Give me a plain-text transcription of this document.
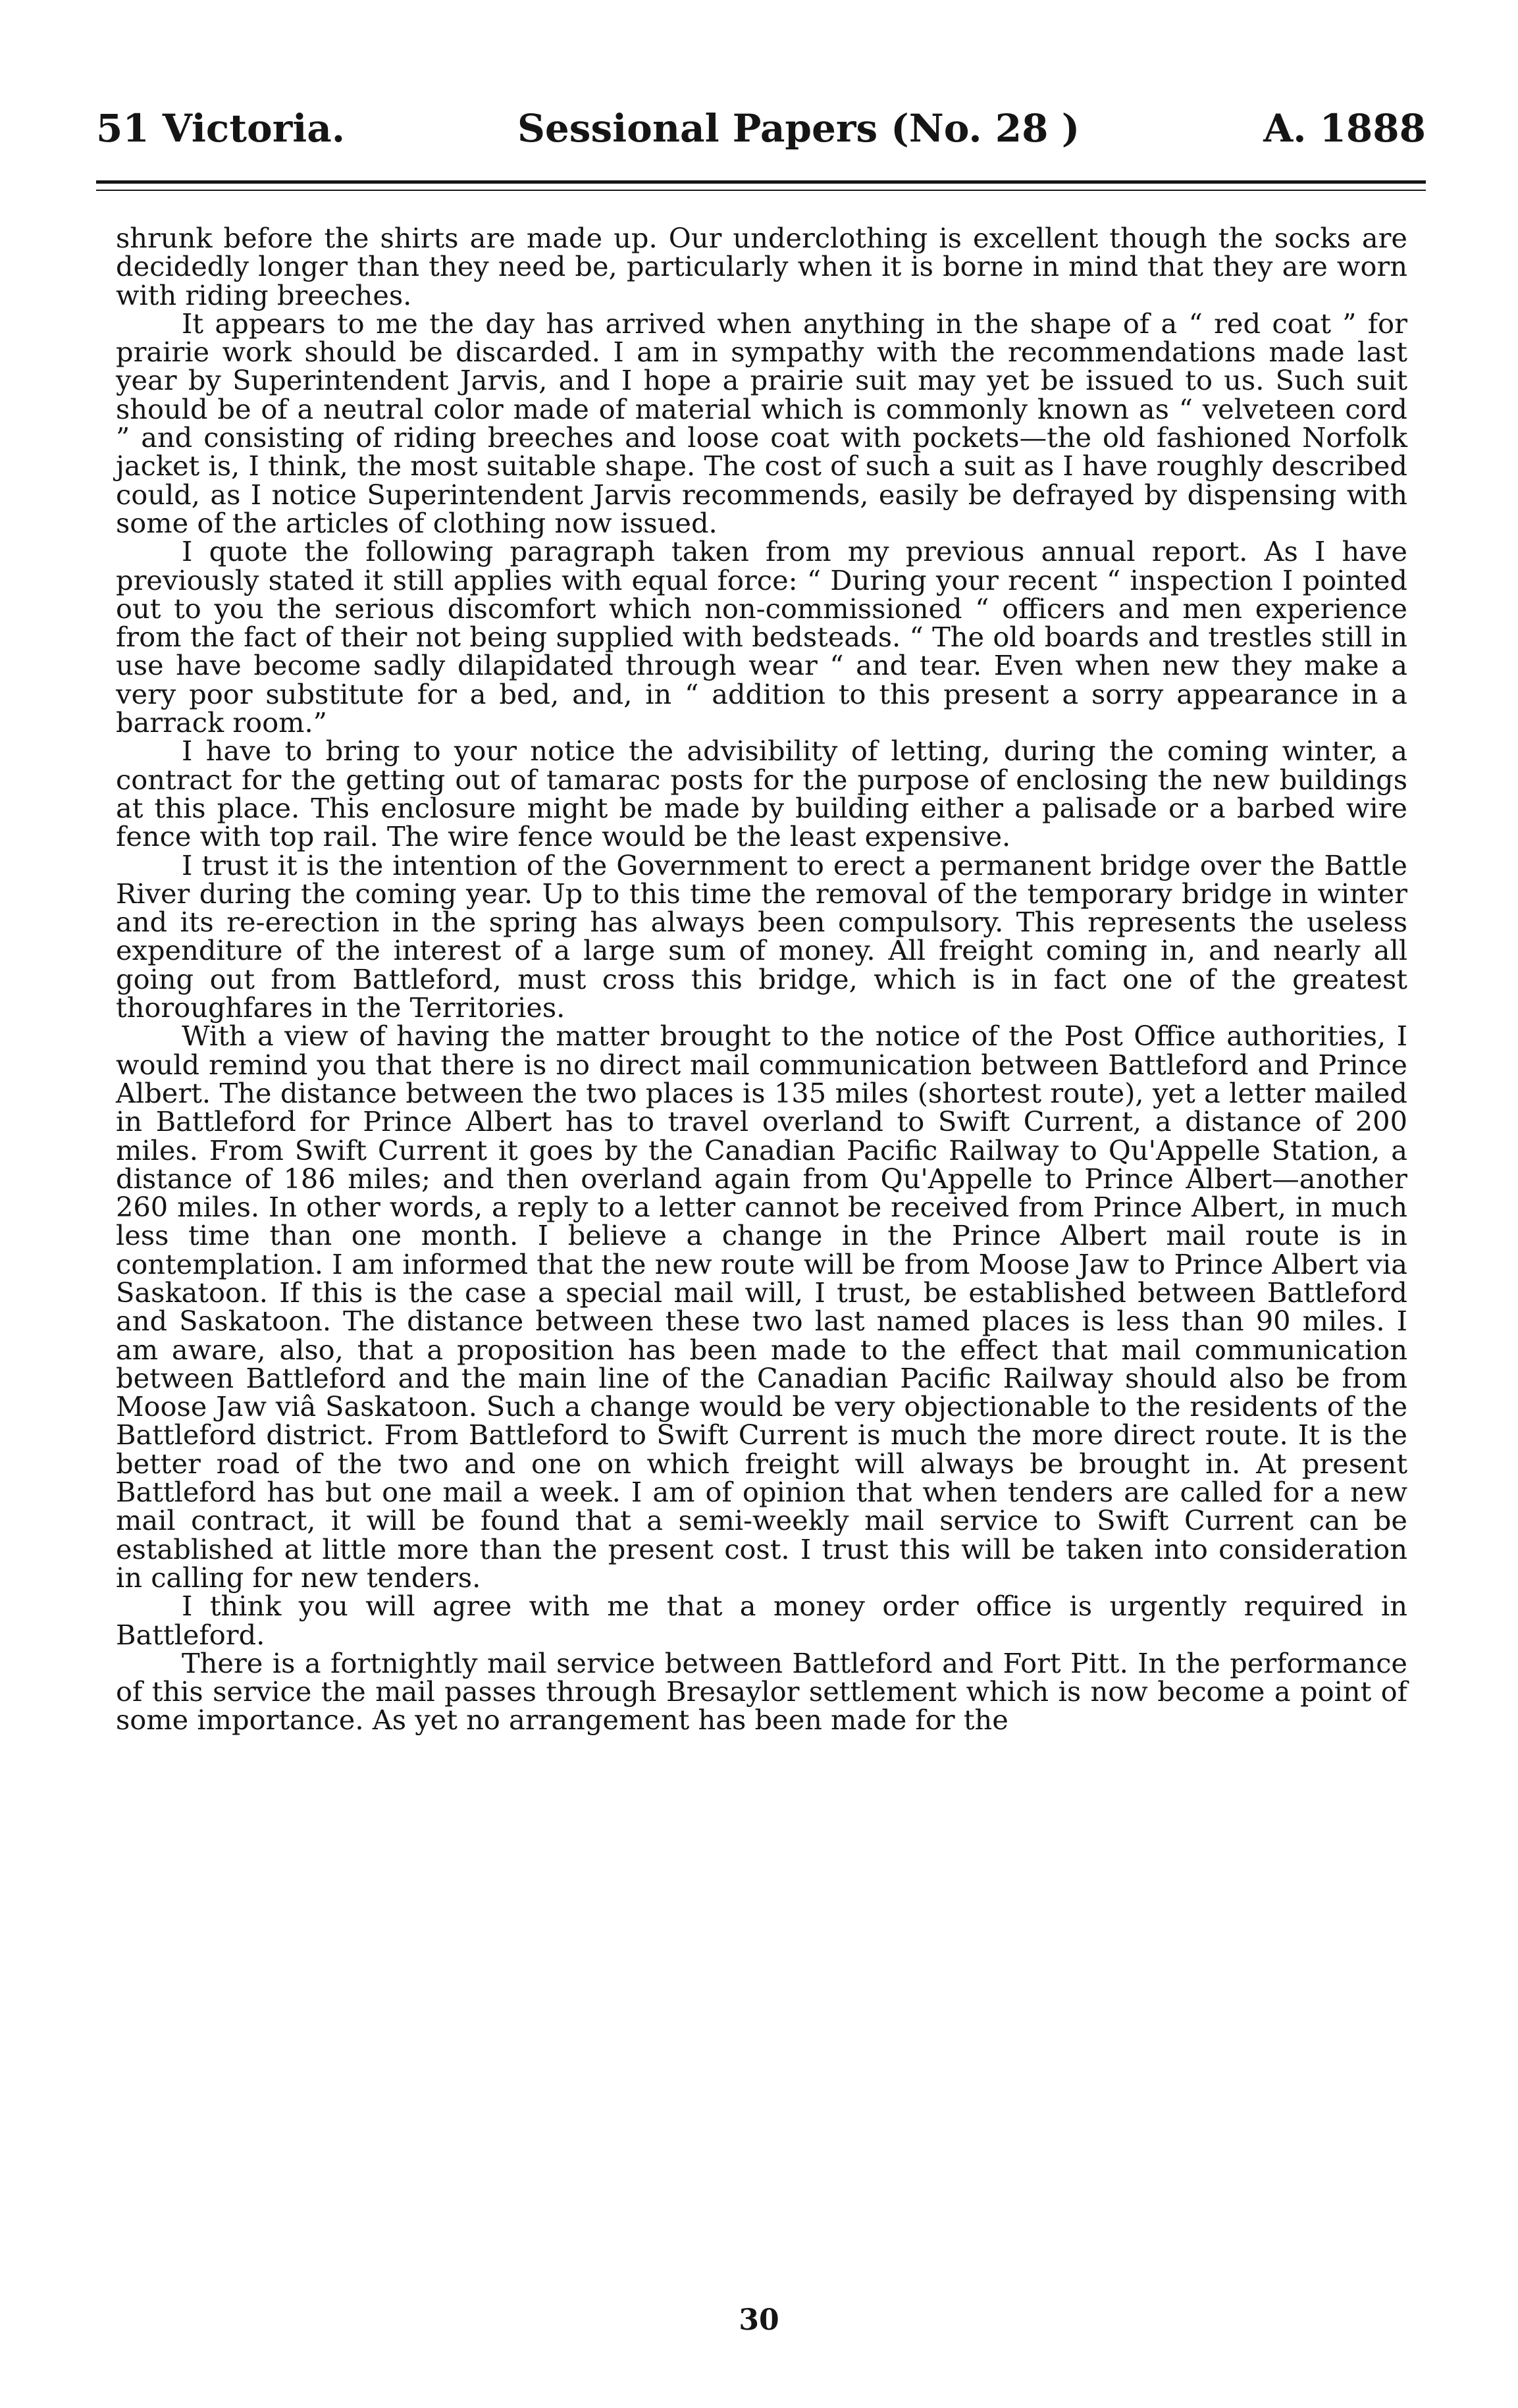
51 Victoria.	Sessional Papers (No. 28 )	A. 1888

shrunk before the shirts are made up. Our underclothing is excellent though the socks are decidedly longer than they need be, particularly when it is borne in mind that they are worn with riding breeches.

It appears to me the day has arrived when anything in the shape of a “ red coat ” for prairie work should be discarded. I am in sympathy with the recommendations made last year by Superintendent Jarvis, and I hope a prairie suit may yet be issued to us. Such suit should be of a neutral color made of material which is commonly known as “ velveteen cord ” and consisting of riding breeches and loose coat with pockets—the old fashioned Norfolk jacket is, I think, the most suitable shape. The cost of such a suit as I have roughly described could, as I notice Superintendent Jarvis recommends, easily be defrayed by dispensing with some of the articles of clothing now issued.

I quote the following paragraph taken from my previous annual report. As I have previously stated it still applies with equal force: “ During your recent “ inspection I pointed out to you the serious discomfort which non-commissioned “ officers and men experience from the fact of their not being supplied with bedsteads. “ The old boards and trestles still in use have become sadly dilapidated through wear “ and tear. Even when new they make a very poor substitute for a bed, and, in “ addition to this present a sorry appearance in a barrack room.”

I have to bring to your notice the advisibility of letting, during the coming winter, a contract for the getting out of tamarac posts for the purpose of enclosing the new buildings at this place. This enclosure might be made by building either a palisade or a barbed wire fence with top rail. The wire fence would be the least expensive.

I trust it is the intention of the Government to erect a permanent bridge over the Battle River during the coming year. Up to this time the removal of the temporary bridge in winter and its re-erection in the spring has always been compulsory. This represents the useless expenditure of the interest of a large sum of money. All freight coming in, and nearly all going out from Battleford, must cross this bridge, which is in fact one of the greatest thoroughfares in the Territories.

With a view of having the matter brought to the notice of the Post Office authorities, I would remind you that there is no direct mail communication between Battleford and Prince Albert. The distance between the two places is 135 miles (shortest route), yet a letter mailed in Battleford for Prince Albert has to travel overland to Swift Current, a distance of 200 miles. From Swift Current it goes by the Canadian Pacific Railway to Qu'Appelle Station, a distance of 186 miles; and then overland again from Qu'Appelle to Prince Albert—another 260 miles. In other words, a reply to a letter cannot be received from Prince Albert, in much less time than one month. I believe a change in the Prince Albert mail route is in contemplation. I am informed that the new route will be from Moose Jaw to Prince Albert via Saskatoon. If this is the case a special mail will, I trust, be established between Battleford and Saskatoon. The distance between these two last named places is less than 90 miles. I am aware, also, that a proposition has been made to the effect that mail communication between Battleford and the main line of the Canadian Pacific Railway should also be from Moose Jaw viâ Saskatoon. Such a change would be very objectionable to the residents of the Battleford district. From Battleford to Swift Current is much the more direct route. It is the better road of the two and one on which freight will always be brought in. At present Battleford has but one mail a week. I am of opinion that when tenders are called for a new mail contract, it will be found that a semi-weekly mail service to Swift Current can be established at little more than the present cost. I trust this will be taken into consideration in calling for new tenders.

I think you will agree with me that a money order office is urgently required in Battleford.

There is a fortnightly mail service between Battleford and Fort Pitt. In the performance of this service the mail passes through Bresaylor settlement which is now become a point of some importance. As yet no arrangement has been made for the

30
